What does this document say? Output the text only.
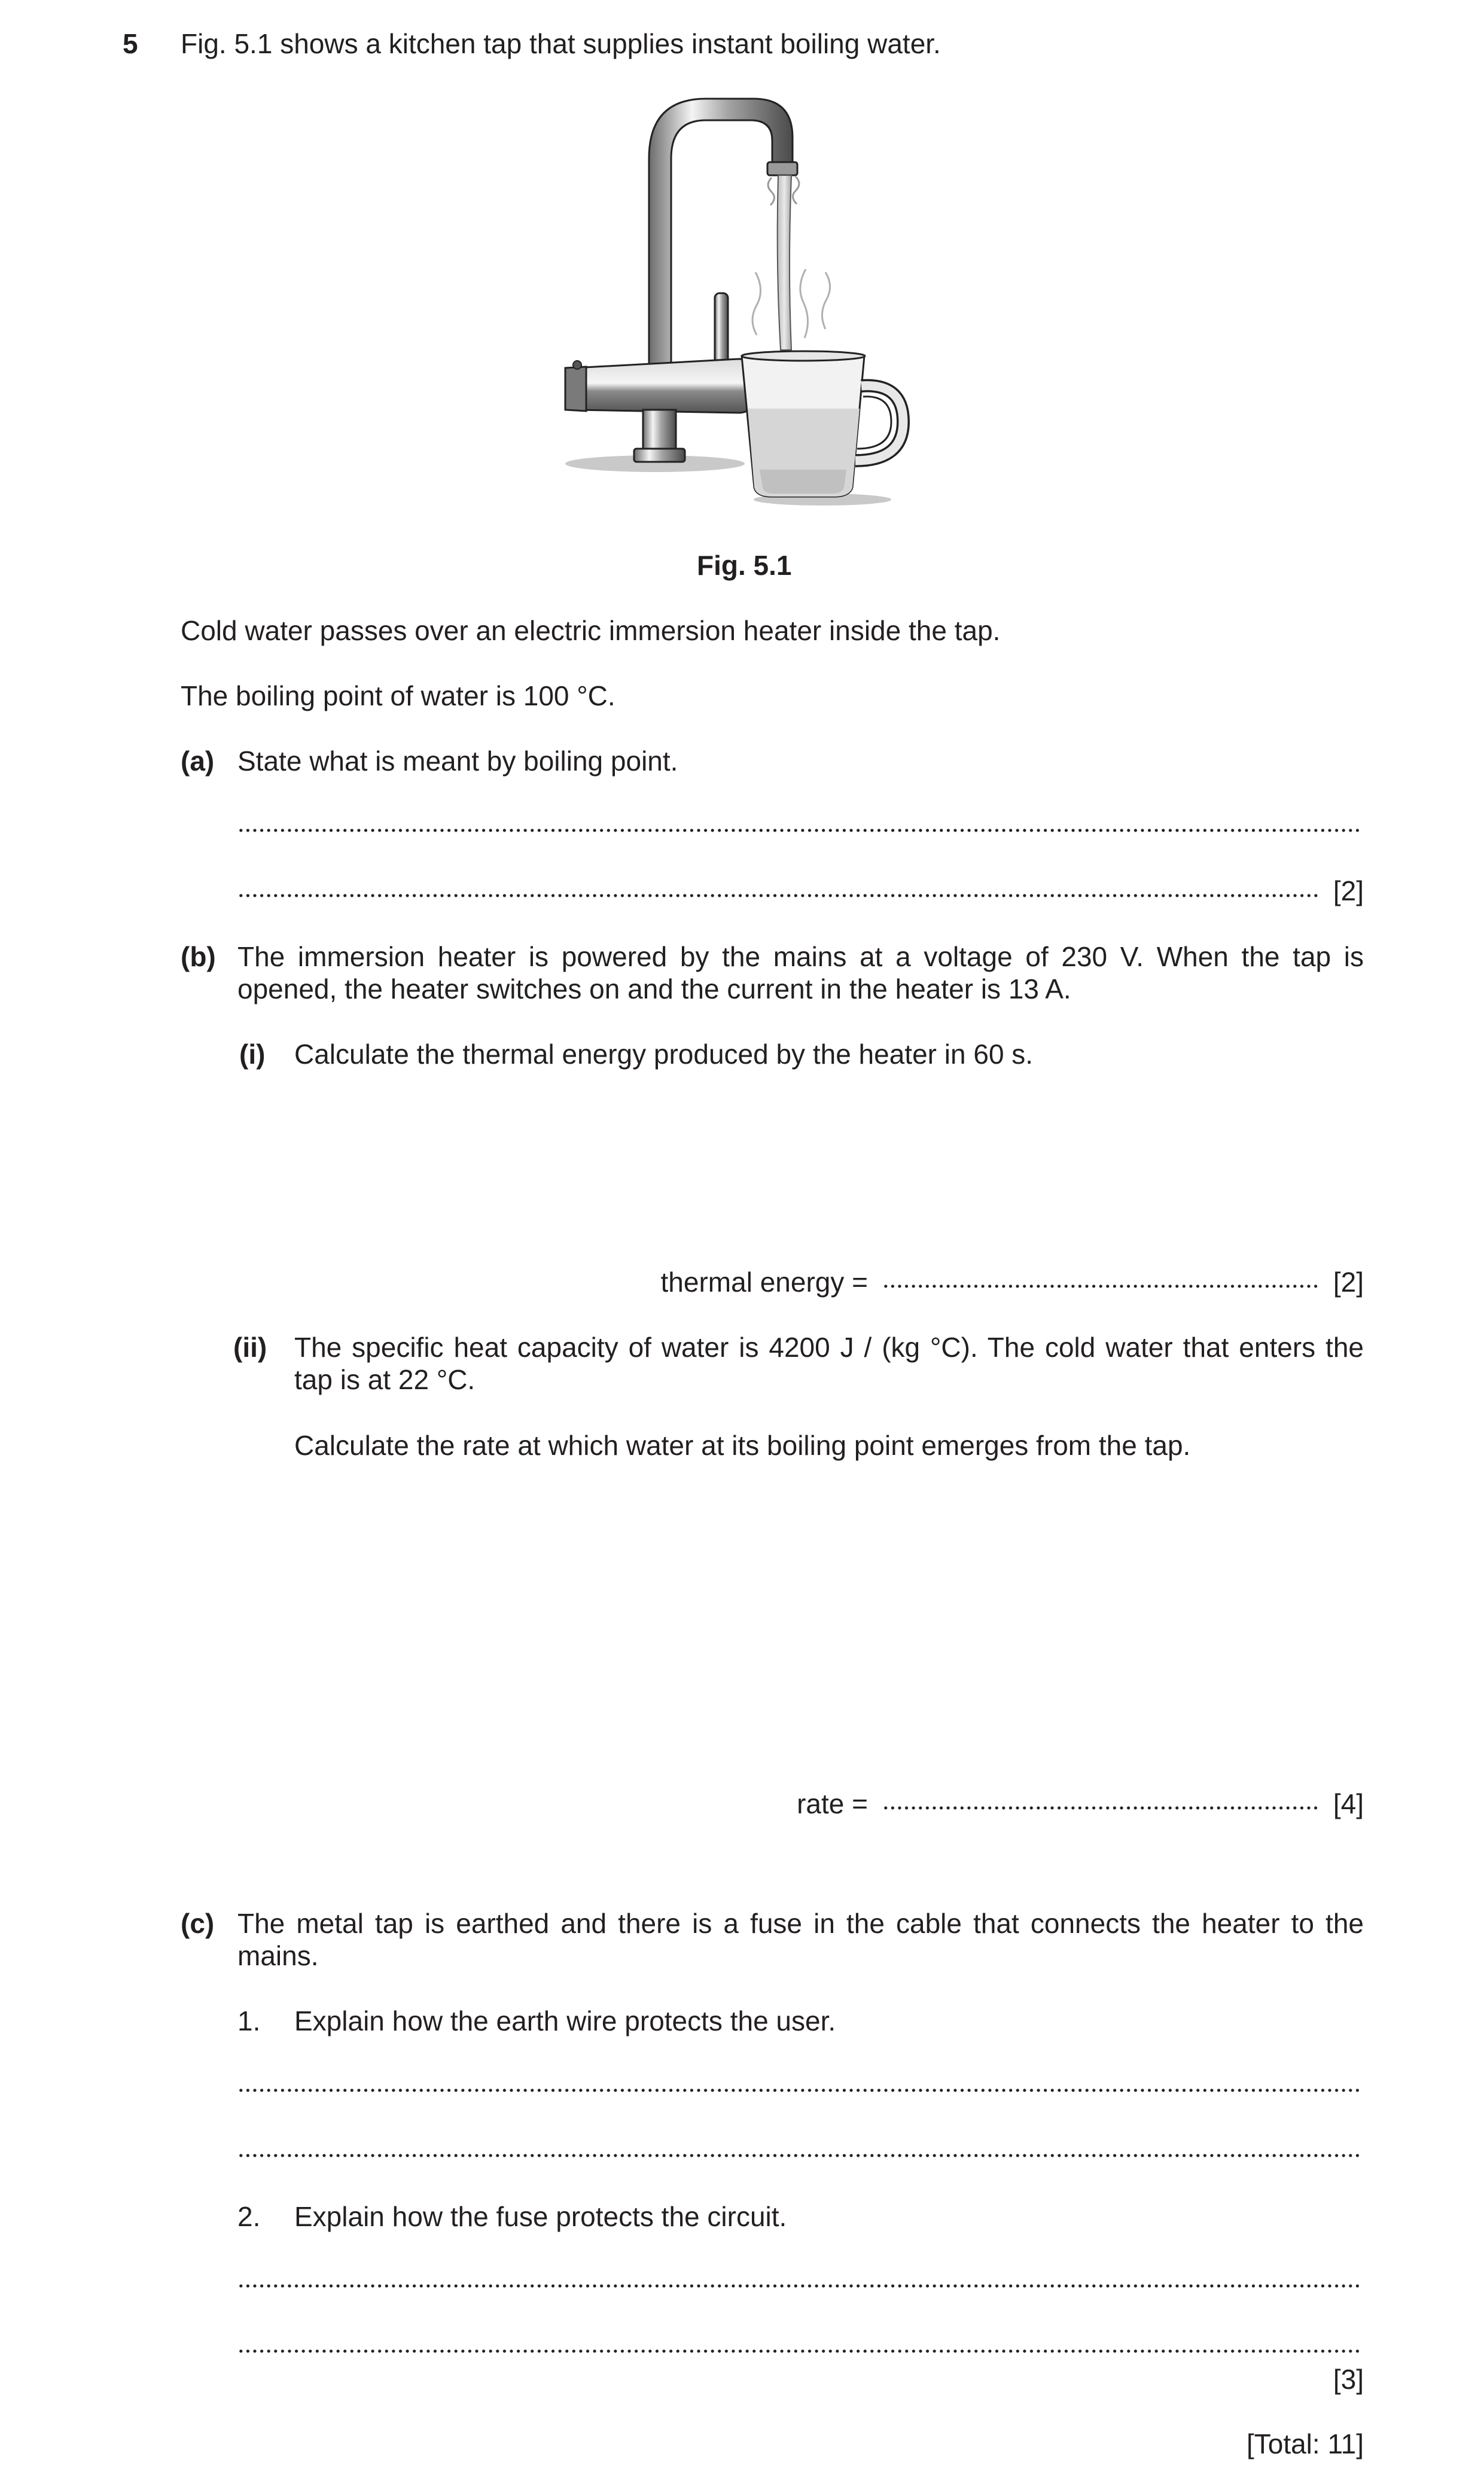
5 Fig. 5.1 shows a kitchen tap that supplies instant boiling water.
Fig. 5.1
Cold water passes over an electric immersion heater inside the tap.
The boiling point of water is 100 °C.
(a) State what is meant by boiling point.
[2]
(b) The immersion heater is powered by the mains at a voltage of 230 V. When the tap is opened, the heater switches on and the current in the heater is 13 A.
(i) Calculate the thermal energy produced by the heater in 60 s.
thermal energy =	[2]
(ii) The specific heat capacity of water is 4200 J / (kg °C). The cold water that enters the tap is at 22 °C.
Calculate the rate at which water at its boiling point emerges from the tap.
rate =	[4]
(c) The metal tap is earthed and there is a fuse in the cable that connects the heater to the mains.
1. Explain how the earth wire protects the user.
2. Explain how the fuse protects the circuit.
[3]
[Total: 11]
